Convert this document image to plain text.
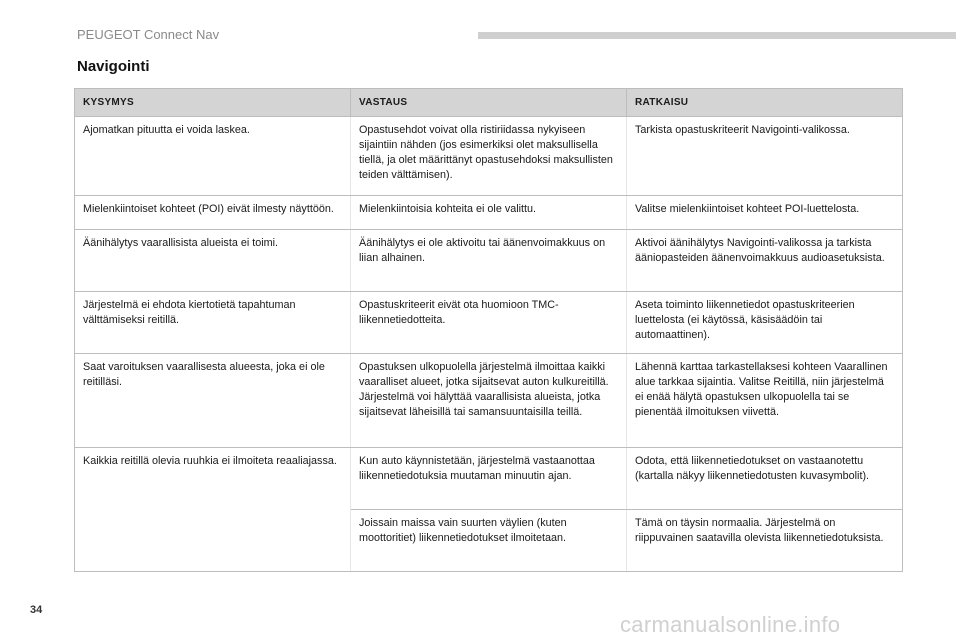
PEUGEOT Connect Nav
Navigointi
KYSYMYS	VASTAUS	RATKAISU
Ajomatkan pituutta ei voida laskea.	Opastusehdot voivat olla ristiriidassa nykyiseen sijaintiin nähden (jos esimerkiksi olet maksullisella tiellä, ja olet määrittänyt opastusehdoksi maksullisten teiden välttämisen).	Tarkista opastuskriteerit Navigointi-valikossa.
Mielenkiintoiset kohteet (POI) eivät ilmesty näyttöön.	Mielenkiintoisia kohteita ei ole valittu.	Valitse mielenkiintoiset kohteet POI-luettelosta.
Äänihälytys vaarallisista alueista ei toimi.	Äänihälytys ei ole aktivoitu tai äänenvoimakkuus on liian alhainen.	Aktivoi äänihälytys Navigointi-valikossa ja tarkista ääniopasteiden äänenvoimakkuus audioasetuksista.
Järjestelmä ei ehdota kiertotietä tapahtuman välttämiseksi reitillä.	Opastuskriteerit eivät ota huomioon TMC-liikennetiedotteita.	Aseta toiminto liikennetiedot opastuskriteerien luettelosta (ei käytössä, käsisäädöin tai automaattinen).
Saat varoituksen vaarallisesta alueesta, joka ei ole reitilläsi.	Opastuksen ulkopuolella järjestelmä ilmoittaa kaikki vaaralliset alueet, jotka sijaitsevat auton kulkureitillä. Järjestelmä voi hälyttää vaarallisista alueista, jotka sijaitsevat läheisillä tai samansuuntaisilla teillä.	Lähennä karttaa tarkastellaksesi kohteen Vaarallinen alue tarkkaa sijaintia. Valitse Reitillä, niin järjestelmä ei enää hälytä opastuksen ulkopuolella tai se pienentää ilmoituksen viivettä.
Kaikkia reitillä olevia ruuhkia ei ilmoiteta reaaliajassa.	Kun auto käynnistetään, järjestelmä vastaanottaa liikennetiedotuksia muutaman minuutin ajan.	Odota, että liikennetiedotukset on vastaanotettu (kartalla näkyy liikennetiedotusten kuvasymbolit).
	Joissain maissa vain suurten väylien (kuten moottoritiet) liikennetiedotukset ilmoitetaan.	Tämä on täysin normaalia. Järjestelmä on riippuvainen saatavilla olevista liikennetiedotuksista.
34
carmanualsonline.info
